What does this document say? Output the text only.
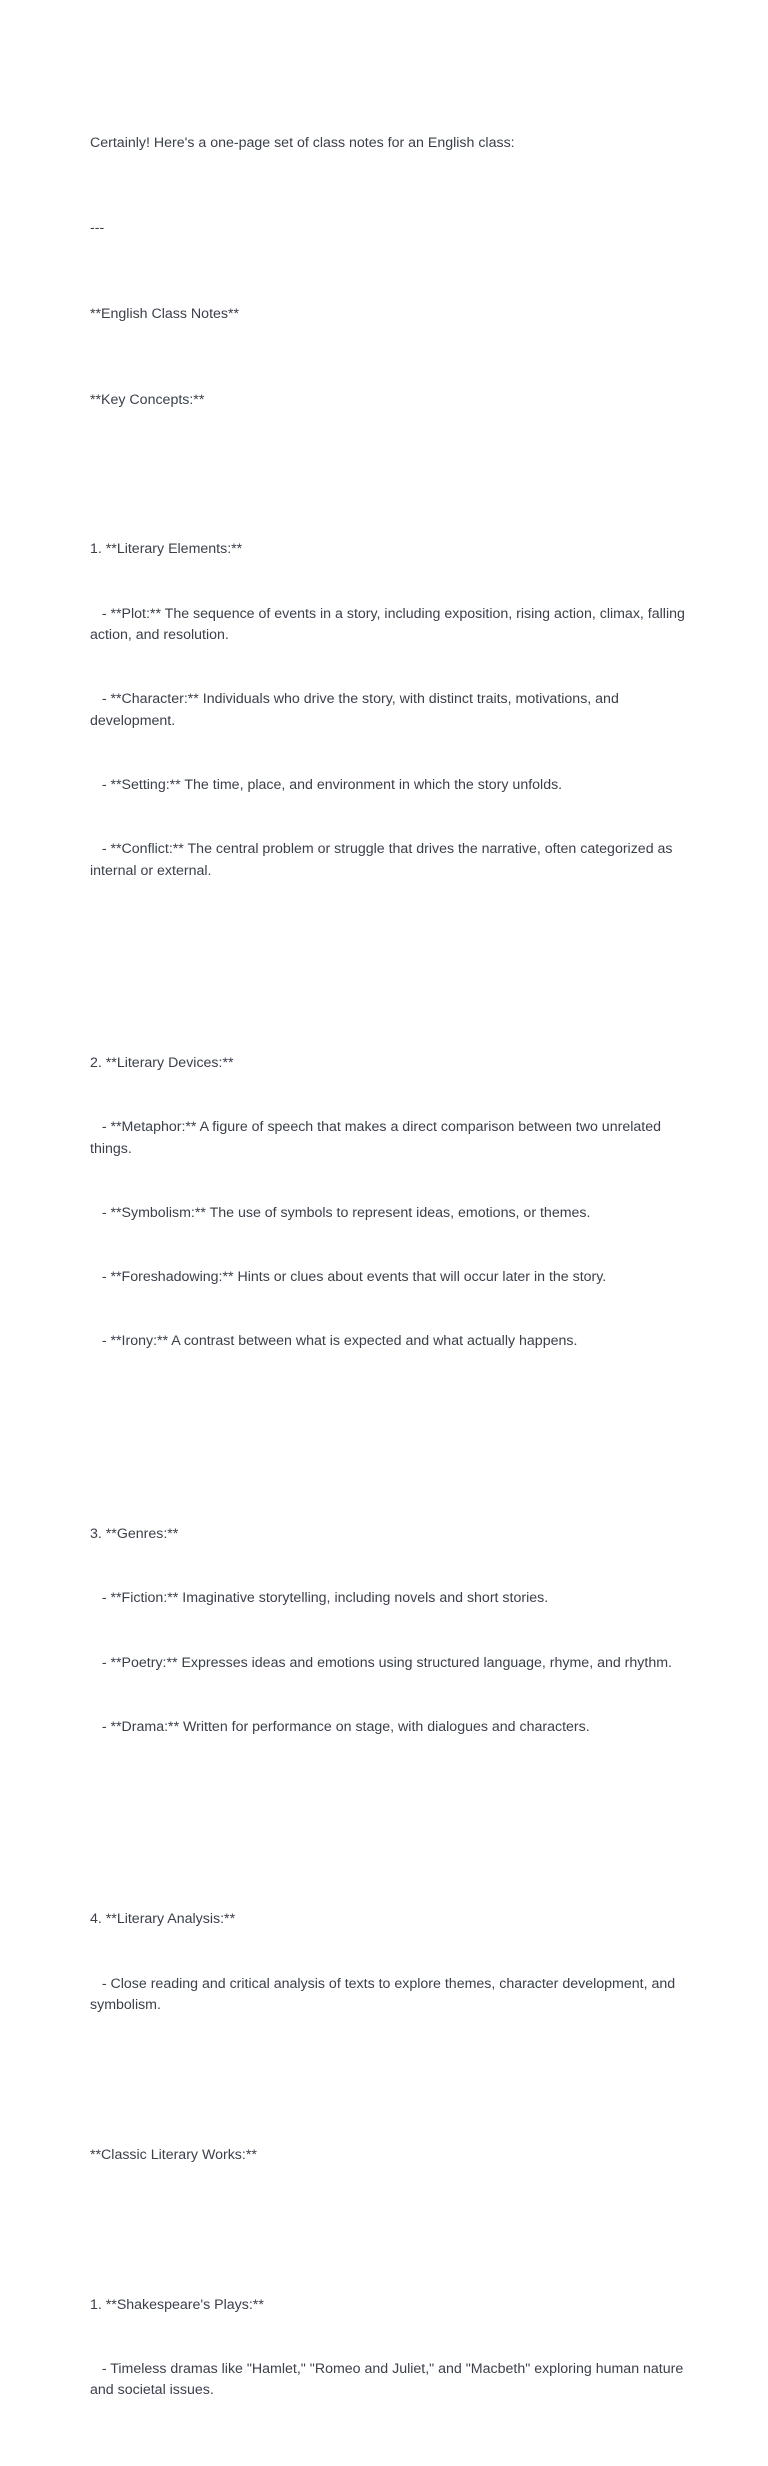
Certainly! Here's a one-page set of class notes for an English class:

---

**English Class Notes**

**Key Concepts:**

1. **Literary Elements:**

- **Plot:** The sequence of events in a story, including exposition, rising action, climax, falling action, and resolution.

- **Character:** Individuals who drive the story, with distinct traits, motivations, and development.

- **Setting:** The time, place, and environment in which the story unfolds.

- **Conflict:** The central problem or struggle that drives the narrative, often categorized as internal or external.

2. **Literary Devices:**

- **Metaphor:** A figure of speech that makes a direct comparison between two unrelated things.

- **Symbolism:** The use of symbols to represent ideas, emotions, or themes.

- **Foreshadowing:** Hints or clues about events that will occur later in the story.

- **Irony:** A contrast between what is expected and what actually happens.

3. **Genres:**

- **Fiction:** Imaginative storytelling, including novels and short stories.

- **Poetry:** Expresses ideas and emotions using structured language, rhyme, and rhythm.

- **Drama:** Written for performance on stage, with dialogues and characters.

4. **Literary Analysis:**

- Close reading and critical analysis of texts to explore themes, character development, and symbolism.

**Classic Literary Works:**

1. **Shakespeare's Plays:**

- Timeless dramas like "Hamlet," "Romeo and Juliet," and "Macbeth" exploring human nature and societal issues.
